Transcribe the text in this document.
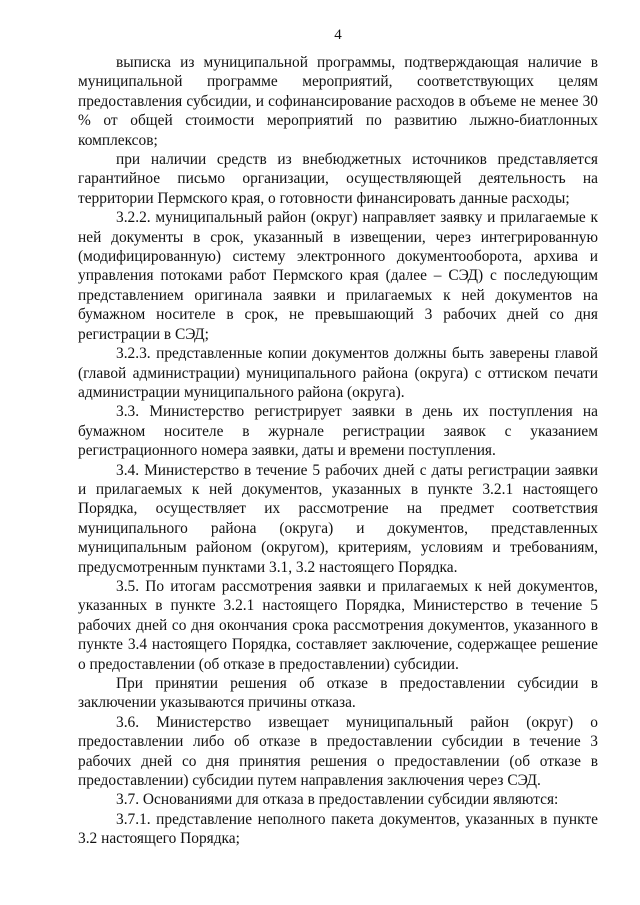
4

выписка из муниципальной программы, подтверждающая наличие в муниципальной программе мероприятий, соответствующих целям предоставления субсидии, и софинансирование расходов в объеме не менее 30 % от общей стоимости мероприятий по развитию лыжно-биатлонных комплексов;

при наличии средств из внебюджетных источников представляется гарантийное письмо организации, осуществляющей деятельность на территории Пермского края, о готовности финансировать данные расходы;

3.2.2. муниципальный район (округ) направляет заявку и прилагаемые к ней документы в срок, указанный в извещении, через интегрированную (модифицированную) систему электронного документооборота, архива и управления потоками работ Пермского края (далее – СЭД) с последующим представлением оригинала заявки и прилагаемых к ней документов на бумажном носителе в срок, не превышающий 3 рабочих дней со дня регистрации в СЭД;

3.2.3. представленные копии документов должны быть заверены главой (главой администрации) муниципального района (округа) с оттиском печати администрации муниципального района (округа).

3.3. Министерство регистрирует заявки в день их поступления на бумажном носителе в журнале регистрации заявок с указанием регистрационного номера заявки, даты и времени поступления.

3.4. Министерство в течение 5 рабочих дней с даты регистрации заявки и прилагаемых к ней документов, указанных в пункте 3.2.1 настоящего Порядка, осуществляет их рассмотрение на предмет соответствия муниципального района (округа) и документов, представленных муниципальным районом (округом), критериям, условиям и требованиям, предусмотренным пунктами 3.1, 3.2 настоящего Порядка.

3.5. По итогам рассмотрения заявки и прилагаемых к ней документов, указанных в пункте 3.2.1 настоящего Порядка, Министерство в течение 5 рабочих дней со дня окончания срока рассмотрения документов, указанного в пункте 3.4 настоящего Порядка, составляет заключение, содержащее решение о предоставлении (об отказе в предоставлении) субсидии.

При принятии решения об отказе в предоставлении субсидии в заключении указываются причины отказа.

3.6. Министерство извещает муниципальный район (округ) о предоставлении либо об отказе в предоставлении субсидии в течение 3 рабочих дней со дня принятия решения о предоставлении (об отказе в предоставлении) субсидии путем направления заключения через СЭД.

3.7. Основаниями для отказа в предоставлении субсидии являются:

3.7.1. представление неполного пакета документов, указанных в пункте 3.2 настоящего Порядка;
